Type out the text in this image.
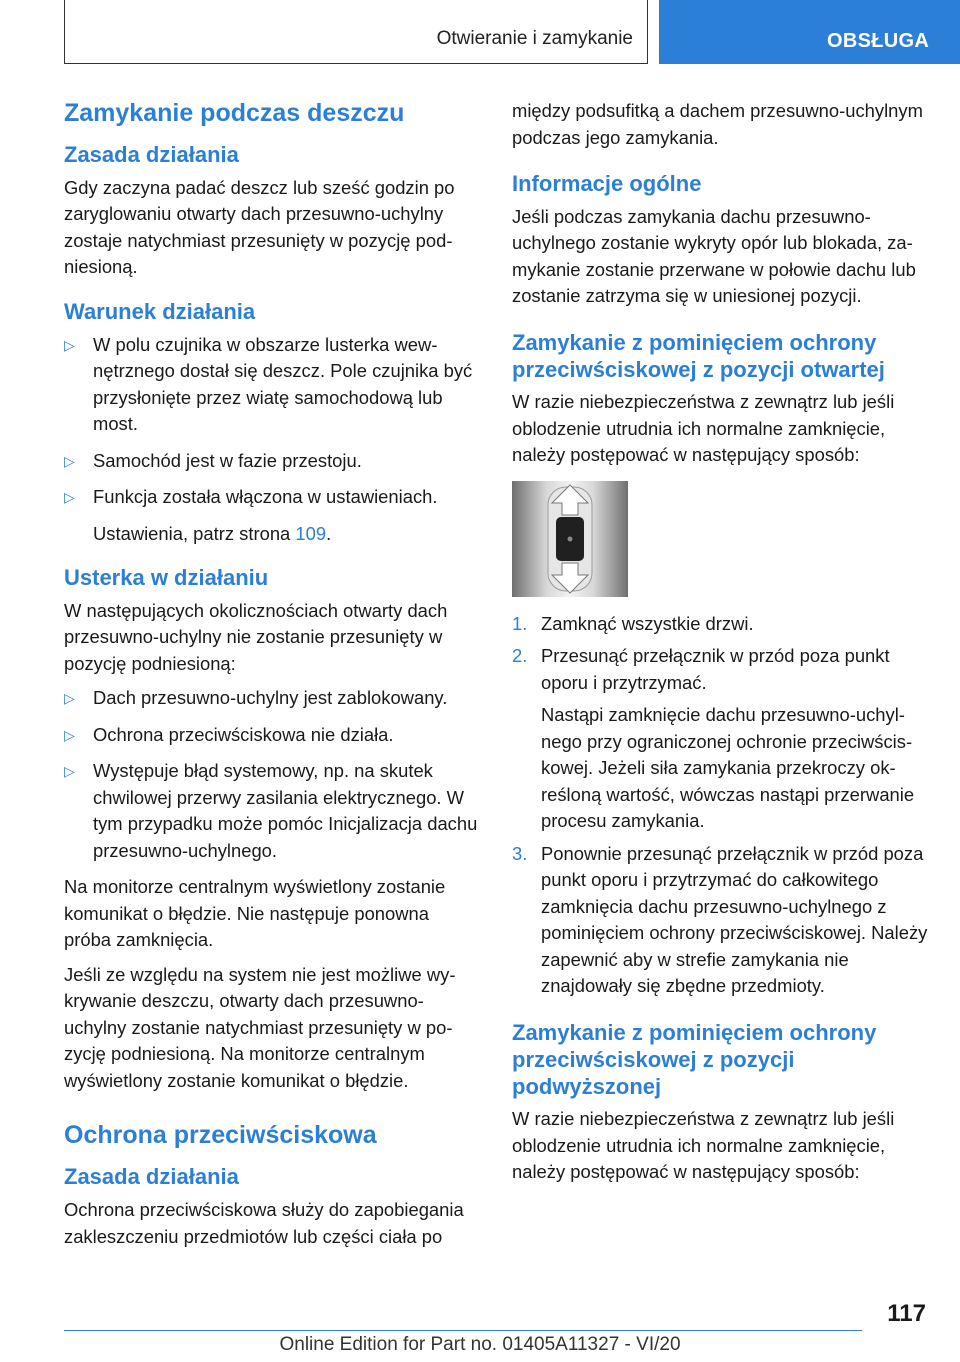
Otwieranie i zamykanie	OBSŁUGA
Zamykanie podczas deszczu
Zasada działania

Gdy zaczyna padać deszcz lub sześć godzin po zaryglowaniu otwarty dach przesuwno-uchylny zostaje natychmiast przesunięty w pozycję podniesioną.

Warunek działania
▷ W polu czujnika w obszarze lusterka wewnętrznego dostał się deszcz. Pole czujnika być przysłonięte przez wiatę samochodową lub most.
▷ Samochód jest w fazie przestoju.
▷ Funkcja została włączona w ustawieniach.

Ustawienia, patrz strona 109.

Usterka w działaniu

W następujących okolicznościach otwarty dach przesuwno-uchylny nie zostanie przesunięty w pozycję podniesioną:

▷ Dach przesuwno-uchylny jest zablokowany.
▷ Ochrona przeciwściskowa nie działa.
▷ Występuje błąd systemowy, np. na skutek chwilowej przerwy zasilania elektrycznego. W tym przypadku może pomóc Inicjalizacja dachu przesuwno-uchylnego.

Na monitorze centralnym wyświetlony zostanie komunikat o błędzie. Nie następuje ponowna próba zamknięcia.

Jeśli ze względu na system nie jest możliwe wykrywanie deszczu, otwarty dach przesuwno-uchylny zostanie natychmiast przesunięty w pozycję podniesioną. Na monitorze centralnym wyświetlony zostanie komunikat o błędzie.

Ochrona przeciwściskowa
Zasada działania

Ochrona przeciwściskowa służy do zapobiegania zakleszczeniu przedmiotów lub części ciała po

między podsufitką a dachem przesuwno-uchylnym podczas jego zamykania.

Informacje ogólne

Jeśli podczas zamykania dachu przesuwno-uchylnego zostanie wykryty opór lub blokada, zamykanie zostanie przerwane w połowie dachu lub zostanie zatrzyma się w uniesionej pozycji.

Zamykanie z pominięciem ochrony przeciwściskowej z pozycji otwartej

W razie niebezpieczeństwa z zewnątrz lub jeśli oblodzenie utrudnia ich normalne zamknięcie, należy postępować w następujący sposób:

1. Zamknąć wszystkie drzwi.
2. Przesunąć przełącznik w przód poza punkt oporu i przytrzymać.
Nastąpi zamknięcie dachu przesuwno-uchylnego przy ograniczonej ochronie przeciwściskowej. Jeżeli siła zamykania przekroczy określoną wartość, wówczas nastąpi przerwanie procesu zamykania.
3. Ponownie przesunąć przełącznik w przód poza punkt oporu i przytrzymać do całkowitego zamknięcia dachu przesuwno-uchylnego z pominięciem ochrony przeciwściskowej. Należy zapewnić aby w strefie zamykania nie znajdowały się zbędne przedmioty.
Zamykanie z pominięciem ochrony przeciwściskowej z pozycji podwyższonej

W razie niebezpieczeństwa z zewnątrz lub jeśli oblodzenie utrudnia ich normalne zamknięcie, należy postępować w następujący sposób:

117
Online Edition for Part no. 01405A11327 - VI/20
